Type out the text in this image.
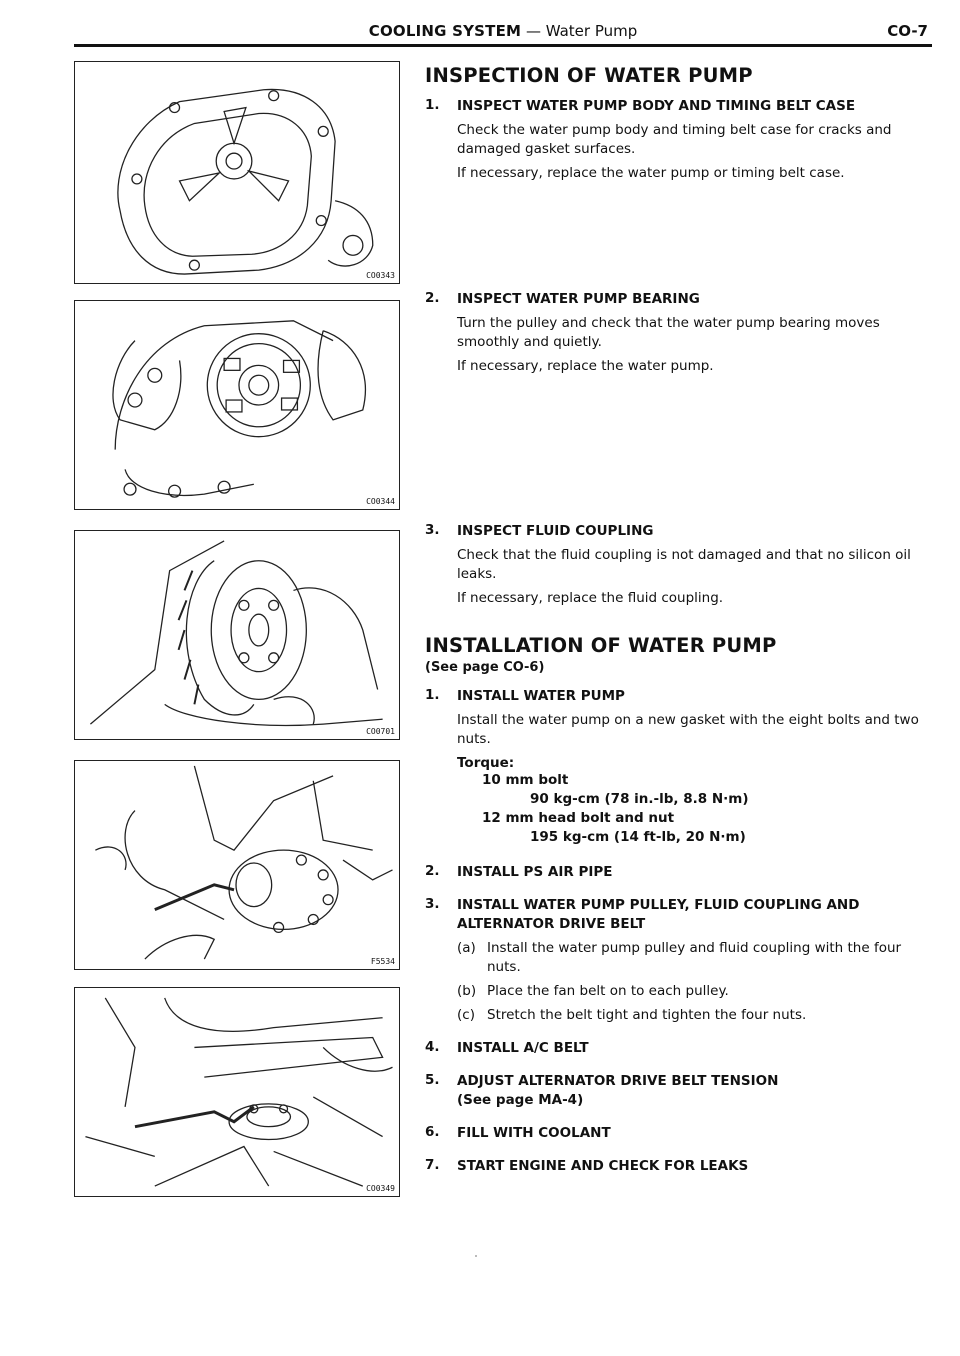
COOLING SYSTEM — Water Pump	CO-7
CO0343
CO0344
CO0701
F5534
CO0349
INSPECTION OF WATER PUMP
1. INSPECT WATER PUMP BODY AND TIMING BELT CASE
Check the water pump body and timing belt case for cracks and damaged gasket surfaces.
If necessary, replace the water pump or timing belt case.
2. INSPECT WATER PUMP BEARING
Turn the pulley and check that the water pump bearing moves smoothly and quietly.
If necessary, replace the water pump.
3. INSPECT FLUID COUPLING
Check that the fluid coupling is not damaged and that no silicon oil leaks.
If necessary, replace the fluid coupling.
INSTALLATION OF WATER PUMP
(See page CO-6)
1. INSTALL WATER PUMP
Install the water pump on a new gasket with the eight bolts and two nuts.
Torque:
10 mm bolt
90 kg-cm (78 in.-lb, 8.8 N·m)
12 mm head bolt and nut
195 kg-cm (14 ft-lb, 20 N·m)
2. INSTALL PS AIR PIPE
3. INSTALL WATER PUMP PULLEY, FLUID COUPLING AND ALTERNATOR DRIVE BELT
(a) Install the water pump pulley and fluid coupling with the four nuts.
(b) Place the fan belt on to each pulley.
(c) Stretch the belt tight and tighten the four nuts.
4. INSTALL A/C BELT
5. ADJUST ALTERNATOR DRIVE BELT TENSION
(See page MA-4)
6. FILL WITH COOLANT
7. START ENGINE AND CHECK FOR LEAKS
